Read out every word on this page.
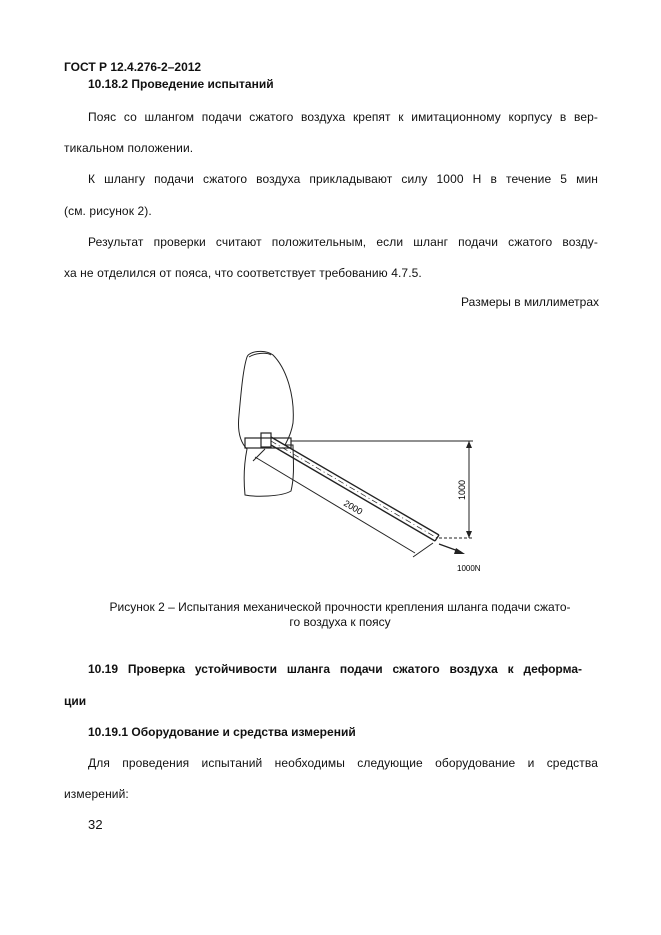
ГОСТ Р 12.4.276-2–2012
10.18.2 Проведение испытаний
Пояс со шлангом подачи сжатого воздуха крепят к имитационному корпусу в вер-
тикальном положении.
К шлангу подачи сжатого воздуха прикладывают силу 1000 Н в течение 5 мин
(см. рисунок 2).
Результат проверки считают положительным, если шланг подачи сжатого возду-
ха не отделился от пояса, что соответствует требованию 4.7.5.
Размеры в миллиметрах
2000
1000
1000N
Рисунок 2 – Испытания механической прочности крепления шланга подачи сжато-
го воздуха к поясу
10.19 Проверка устойчивости шланга подачи сжатого воздуха к деформа-
ции
10.19.1 Оборудование и средства измерений
Для проведения испытаний необходимы следующие оборудование и средства
измерений:
32
